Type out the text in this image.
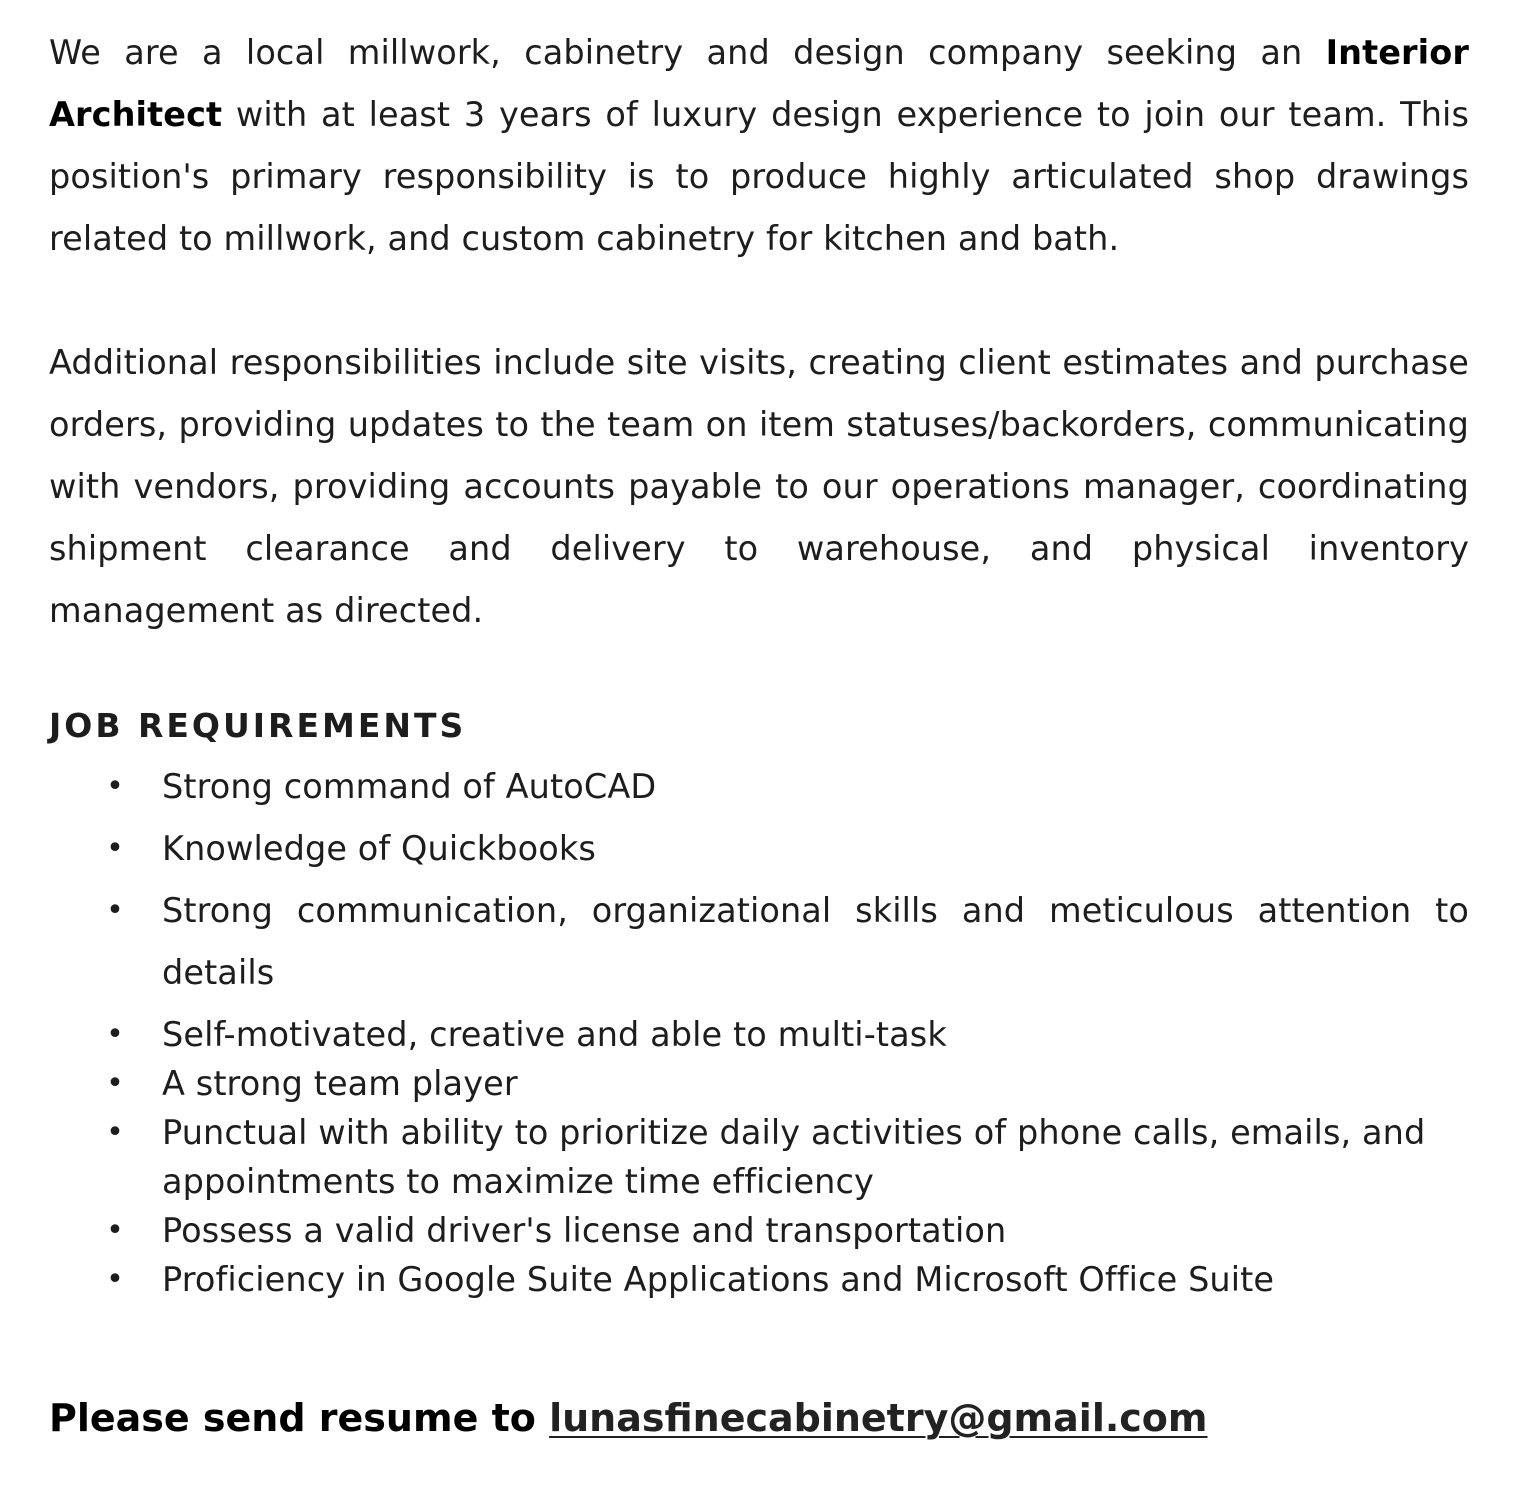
We are a local millwork, cabinetry and design company seeking an Interior Architect with at least 3 years of luxury design experience to join our team. This position's primary responsibility is to produce highly articulated shop drawings related to millwork, and custom cabinetry for kitchen and bath.

Additional responsibilities include site visits, creating client estimates and purchase orders, providing updates to the team on item statuses/backorders, communicating with vendors, providing accounts payable to our operations manager, coordinating shipment clearance and delivery to warehouse, and physical inventory management as directed.

JOB REQUIREMENTS
• Strong command of AutoCAD
• Knowledge of Quickbooks
• Strong communication, organizational skills and meticulous attention to details
• Self-motivated, creative and able to multi-task
• A strong team player
• Punctual with ability to prioritize daily activities of phone calls, emails, and appointments to maximize time efficiency
• Possess a valid driver's license and transportation
• Proficiency in Google Suite Applications and Microsoft Office Suite
Please send resume to lunasfinecabinetry@gmail.com
